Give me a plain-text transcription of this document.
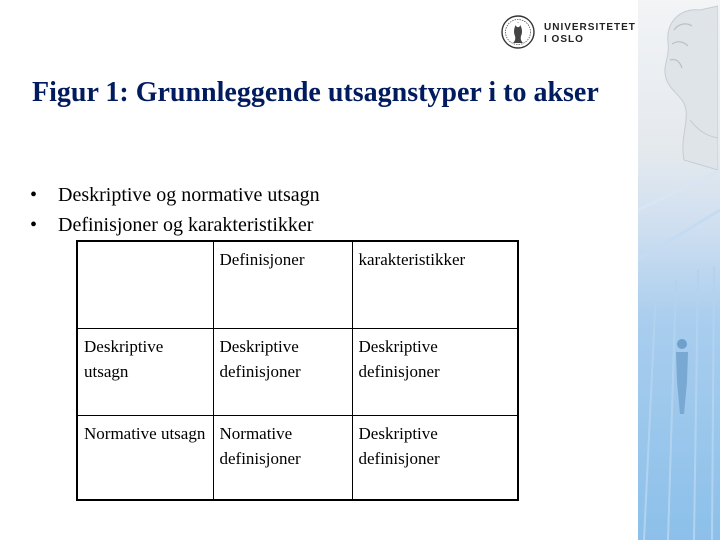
UNIVERSITETET
I OSLO
Figur 1: Grunnleggende utsagnstyper i to akser
• Deskriptive og normative utsagn
• Definisjoner og karakteristikker
	Definisjoner	karakteristikker
Deskriptive utsagn	Deskriptive definisjoner	Deskriptive definisjoner
Normative utsagn	Normative definisjoner	Deskriptive definisjoner
